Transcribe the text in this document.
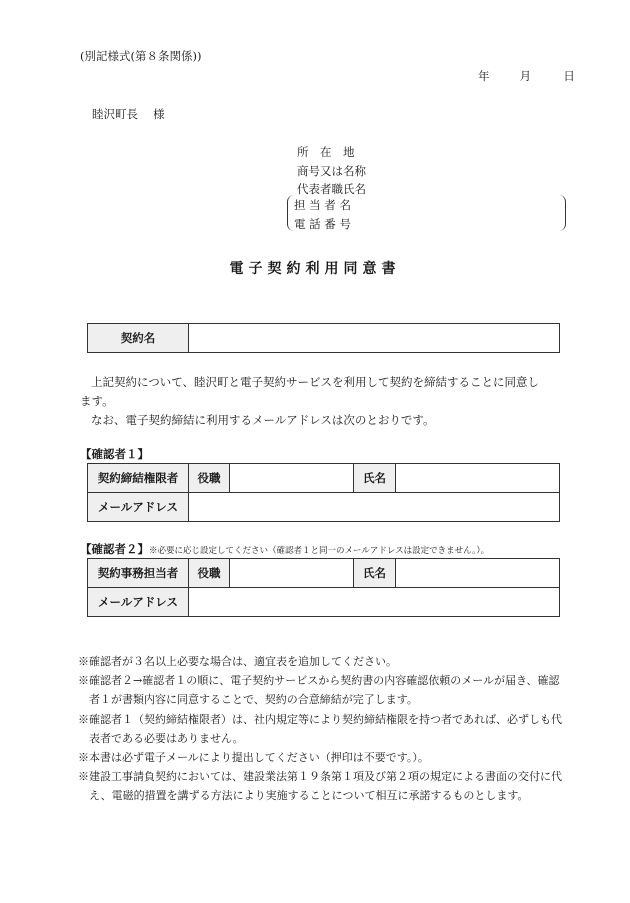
(別記様式(第８条関係))
年	月	日
睦沢町長　 様
所　在　地
商号又は名称
代表者職氏名
担 当 者 名
電 話 番 号
電子契約利用同意書
契約名	
上記契約について、睦沢町と電子契約サービスを利用して契約を締結することに同意し
ます。
なお、電子契約締結に利用するメールアドレスは次のとおりです。
【確認者１】
契約締結権限者	役職		氏名	
メールアドレス				
【確認者２】※必要に応じ設定してください（確認者１と同一のメールアドレスは設定できません。）。
契約事務担当者	役職		氏名	
メールアドレス				
※確認者が３名以上必要な場合は、適宜表を追加してください。
※確認者２→確認者１の順に、電子契約サービスから契約書の内容確認依頼のメールが届き、確認者１が書類内容に同意することで、契約の合意締結が完了します。
※確認者１（契約締結権限者）は、社内規定等により契約締結権限を持つ者であれば、必ずしも代表者である必要はありません。
※本書は必ず電子メールにより提出してください（押印は不要です。）。
※建設工事請負契約においては、建設業法第１９条第１項及び第２項の規定による書面の交付に代え、電磁的措置を講ずる方法により実施することについて相互に承諾するものとします。
